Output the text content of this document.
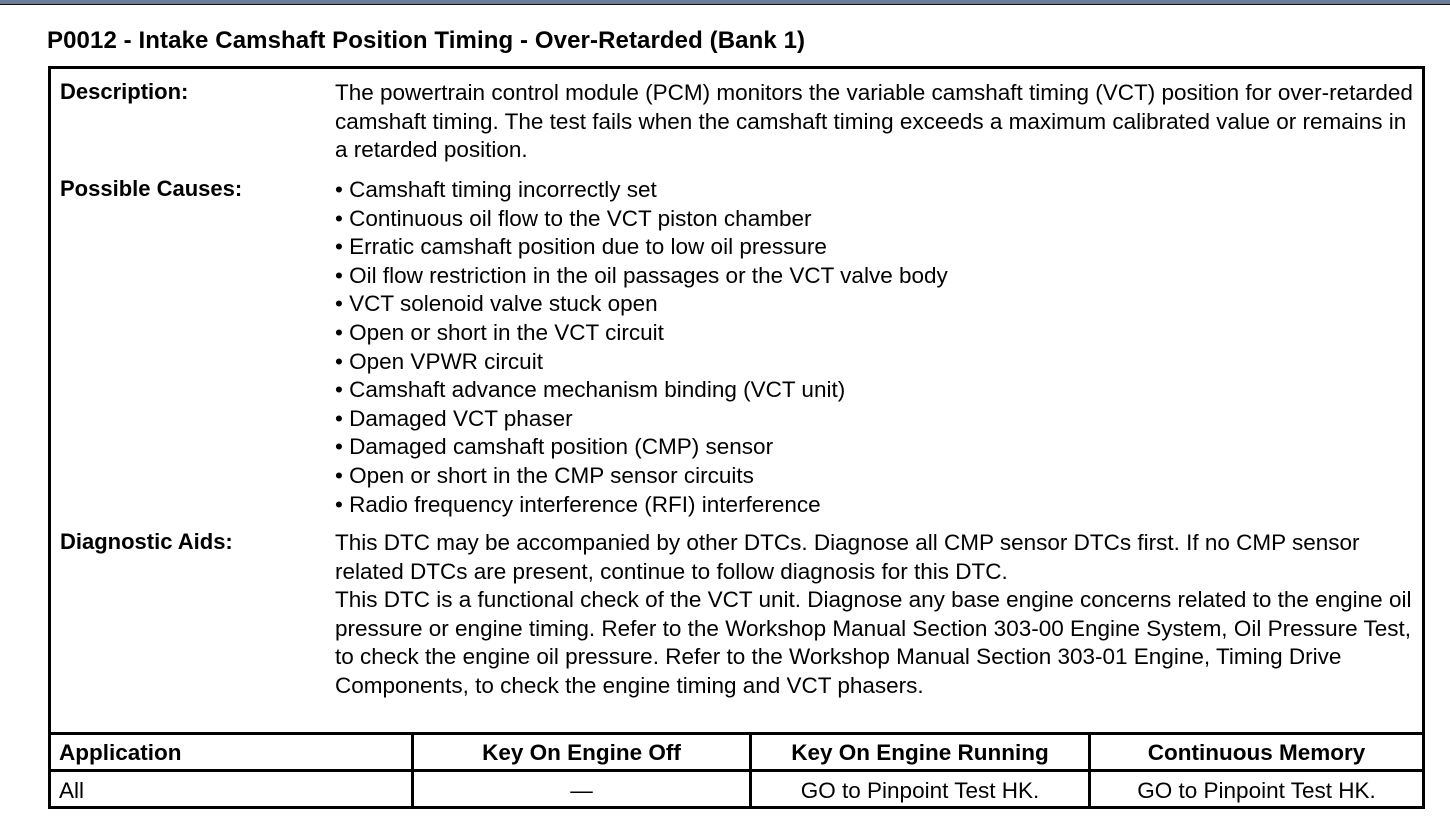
P0012 - Intake Camshaft Position Timing - Over-Retarded (Bank 1)
Description:	The powertrain control module (PCM) monitors the variable camshaft timing (VCT) position for over-retarded camshaft timing. The test fails when the camshaft timing exceeds a maximum calibrated value or remains in a retarded position.
Possible Causes:	• Camshaft timing incorrectly set
• Continuous oil flow to the VCT piston chamber
• Erratic camshaft position due to low oil pressure
• Oil flow restriction in the oil passages or the VCT valve body
• VCT solenoid valve stuck open
• Open or short in the VCT circuit
• Open VPWR circuit
• Camshaft advance mechanism binding (VCT unit)
• Damaged VCT phaser
• Damaged camshaft position (CMP) sensor
• Open or short in the CMP sensor circuits
• Radio frequency interference (RFI) interference
Diagnostic Aids:	This DTC may be accompanied by other DTCs. Diagnose all CMP sensor DTCs first. If no CMP sensor related DTCs are present, continue to follow diagnosis for this DTC.
This DTC is a functional check of the VCT unit. Diagnose any base engine concerns related to the engine oil pressure or engine timing. Refer to the Workshop Manual Section 303-00 Engine System, Oil Pressure Test, to check the engine oil pressure. Refer to the Workshop Manual Section 303-01 Engine, Timing Drive Components, to check the engine timing and VCT phasers.
Application	Key On Engine Off	Key On Engine Running	Continuous Memory
All	—	GO to Pinpoint Test HK.	GO to Pinpoint Test HK.
